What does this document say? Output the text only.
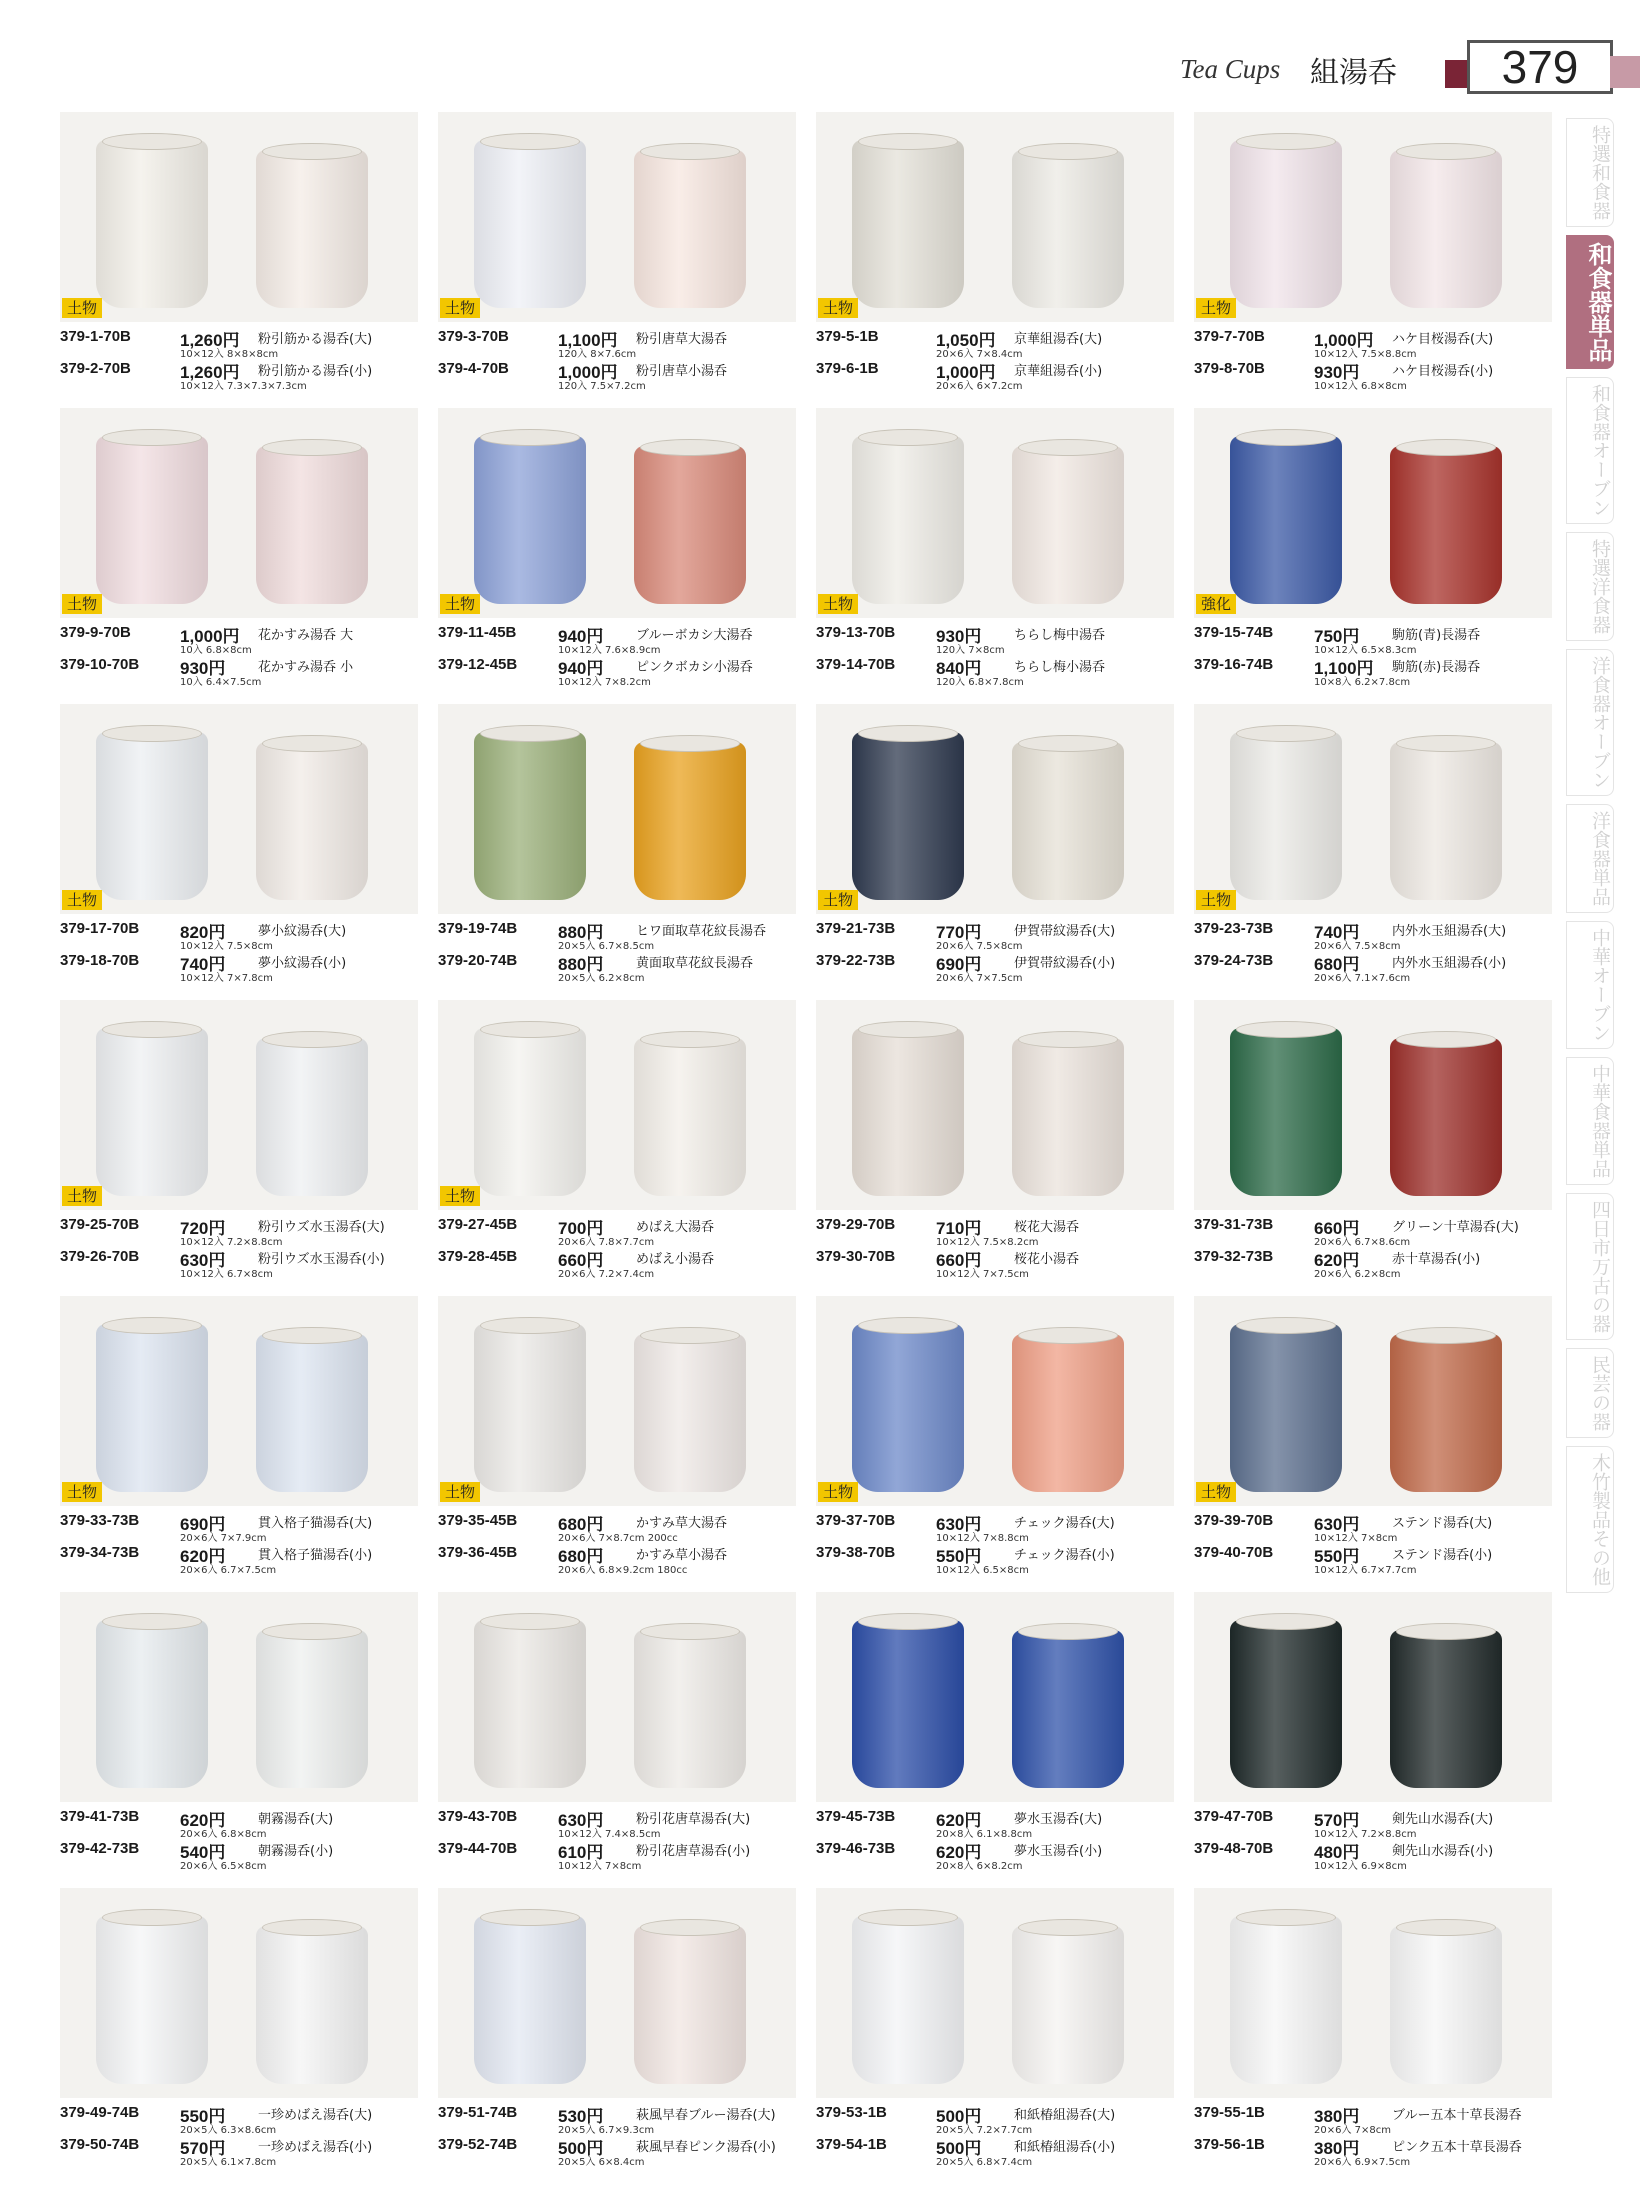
Tea Cups 組湯呑	379
土物
379-1-70B	1,260円 粉引筋かる湯呑(大)
10×12入 8×8×8cm
379-2-70B	1,260円 粉引筋かる湯呑(小)
10×12入 7.3×7.3×7.3cm
土物
379-3-70B	1,100円 粉引唐草大湯呑
120入 8×7.6cm
379-4-70B	1,000円 粉引唐草小湯呑
120入 7.5×7.2cm
土物
379-5-1B	1,050円 京華組湯呑(大)
20×6入 7×8.4cm
379-6-1B	1,000円 京華組湯呑(小)
20×6入 6×7.2cm
土物
379-7-70B	1,000円 ハケ目桜湯呑(大)
10×12入 7.5×8.8cm
379-8-70B	930円	ハケ目桜湯呑(小)
10×12入 6.8×8cm
土物
379-9-70B	1,000円 花かすみ湯呑 大
10入 6.8×8cm
379-10-70B 930円	花かすみ湯呑 小
10入 6.4×7.5cm
土物
379-11-45B 940円	ブルーボカシ大湯呑
10×12入 7.6×8.9cm
379-12-45B 940円	ピンクボカシ小湯呑
10×12入 7×8.2cm
土物
379-13-70B 930円	ちらし梅中湯呑
120入 7×8cm
379-14-70B 840円	ちらし梅小湯呑
120入 6.8×7.8cm
強化
379-15-74B 750円	駒筋(青)長湯呑
10×12入 6.5×8.3cm
379-16-74B 1,100円 駒筋(赤)長湯呑
10×8入 6.2×7.8cm
土物
379-17-70B 820円	夢小紋湯呑(大)
10×12入 7.5×8cm
379-18-70B 740円	夢小紋湯呑(小)
10×12入 7×7.8cm
379-19-74B 880円	ヒワ面取草花紋長湯呑
20×5入 6.7×8.5cm
379-20-74B 880円	黄面取草花紋長湯呑
20×5入 6.2×8cm
土物
379-21-73B 770円	伊賀帯紋湯呑(大)
20×6入 7.5×8cm
379-22-73B 690円	伊賀帯紋湯呑(小)
20×6入 7×7.5cm
土物
379-23-73B 740円	内外水玉組湯呑(大)
20×6入 7.5×8cm
379-24-73B 680円	内外水玉組湯呑(小)
20×6入 7.1×7.6cm
土物
379-25-70B 720円	粉引ウズ水玉湯呑(大)
10×12入 7.2×8.8cm
379-26-70B 630円	粉引ウズ水玉湯呑(小)
10×12入 6.7×8cm
土物
379-27-45B 700円	めばえ大湯呑
20×6入 7.8×7.7cm
379-28-45B 660円	めばえ小湯呑
20×6入 7.2×7.4cm
379-29-70B 710円	桜花大湯呑
10×12入 7.5×8.2cm
379-30-70B 660円	桜花小湯呑
10×12入 7×7.5cm
379-31-73B 660円	グリーン十草湯呑(大)
20×6入 6.7×8.6cm
379-32-73B 620円	赤十草湯呑(小)
20×6入 6.2×8cm
土物
379-33-73B 690円	貫入格子猫湯呑(大)
20×6入 7×7.9cm
379-34-73B 620円	貫入格子猫湯呑(小)
20×6入 6.7×7.5cm
土物
379-35-45B 680円	かすみ草大湯呑
20×6入 7×8.7cm 200cc
379-36-45B 680円	かすみ草小湯呑
20×6入 6.8×9.2cm 180cc
土物
379-37-70B 630円	チェック湯呑(大)
10×12入 7×8.8cm
379-38-70B 550円	チェック湯呑(小)
10×12入 6.5×8cm
土物
379-39-70B 630円	ステンド湯呑(大)
10×12入 7×8cm
379-40-70B 550円	ステンド湯呑(小)
10×12入 6.7×7.7cm
379-41-73B 620円	朝霧湯呑(大)
20×6入 6.8×8cm
379-42-73B 540円	朝霧湯呑(小)
20×6入 6.5×8cm
379-43-70B 630円	粉引花唐草湯呑(大)
10×12入 7.4×8.5cm
379-44-70B 610円	粉引花唐草湯呑(小)
10×12入 7×8cm
379-45-73B 620円	夢水玉湯呑(大)
20×8入 6.1×8.8cm
379-46-73B 620円	夢水玉湯呑(小)
20×8入 6×8.2cm
379-47-70B 570円	剣先山水湯呑(大)
10×12入 7.2×8.8cm
379-48-70B 480円	剣先山水湯呑(小)
10×12入 6.9×8cm
379-49-74B 550円	一珍めばえ湯呑(大)
20×5入 6.3×8.6cm
379-50-74B 570円	一珍めばえ湯呑(小)
20×5入 6.1×7.8cm
379-51-74B 530円	萩風早春ブルー湯呑(大)
20×5入 6.7×9.3cm
379-52-74B 500円	萩風早春ピンク湯呑(小)
20×5入 6×8.4cm
379-53-1B	500円	和紙椿組湯呑(大)
20×5入 7.2×7.7cm
379-54-1B	500円	和紙椿組湯呑(小)
20×5入 6.8×7.4cm
379-55-1B	380円	ブルー五本十草長湯呑
20×6入 7×8cm
379-56-1B	380円	ピンク五本十草長湯呑
20×6入 6.9×7.5cm
特選和食器
和食器単品
和食器オーブン
特選洋食器
洋食器オーブン
洋食器単品
中華オーブン
中華食器単品
四日市万古の器
民芸の器
木竹製品その他
